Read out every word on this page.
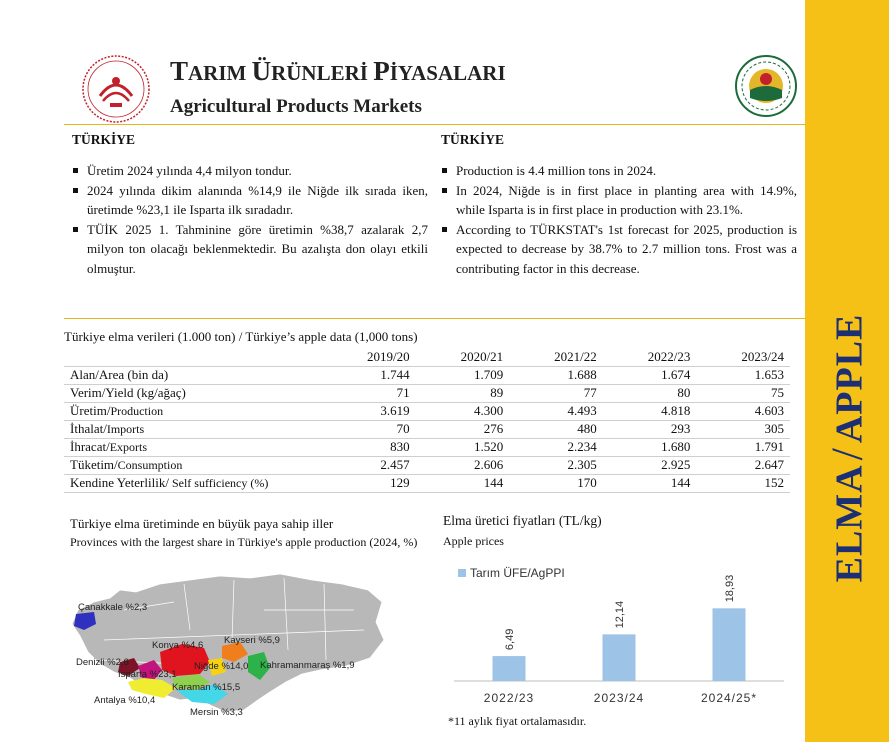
ELMA/APPLE
TARIM ÜRÜNLERİ PİYASALARI
Agricultural Products Markets
TÜRKİYE
Üretim 2024 yılında 4,4 milyon tondur.
2024 yılında dikim alanında %14,9 ile Niğde ilk sırada iken, üretimde %23,1 ile Isparta ilk sıradadır.
TÜİK 2025 1. Tahminine göre üretimin %38,7 azalarak 2,7 milyon ton olacağı beklenmektedir. Bu azalışta don olayı etkili olmuştur.
TÜRKİYE
Production is 4.4 million tons in 2024.
In 2024, Niğde is in first place in planting area with 14.9%, while Isparta is in first place in production with 23.1%.
According to TÜRKSTAT's 1st forecast for 2025, production is expected to decrease by 38.7% to 2.7 million tons. Frost was a contributing factor in this decrease.
Türkiye elma verileri (1.000 ton) / Türkiye’s apple data (1,000 tons)
	2019/20	2020/21	2021/22	2022/23	2023/24
Alan/Area (bin da)	1.744	1.709	1.688	1.674	1.653
Verim/Yield (kg/ağaç)	71	89	77	80	75
Üretim/Production	3.619	4.300	4.493	4.818	4.603
İthalat/Imports	70	276	480	293	305
İhracat/Exports	830	1.520	2.234	1.680	1.791
Tüketim/Consumption	2.457	2.606	2.305	2.925	2.647
Kendine Yeterlilik/ Self sufficiency (%)	129	144	170	144	152
Türkiye elma üretiminde en büyük paya sahip iller
Provinces with the largest share in Türkiye's apple production (2024, %)
Çanakkale %2,3
Konya %4,6 Kayseri %5,9
Denizli %2,6	Niğde %14,0 Kahramanmaraş %1,9
Isparta %23,1
Karaman %15,5
Antalya %10,4
Mersin %3,3
Elma üretici fiyatları (TL/kg)
Apple prices
Tarım ÜFE/AgPPI
6,49
2022/23
12,14
2023/24
18,93
2024/25*
*11 aylık fiyat ortalamasıdır.
